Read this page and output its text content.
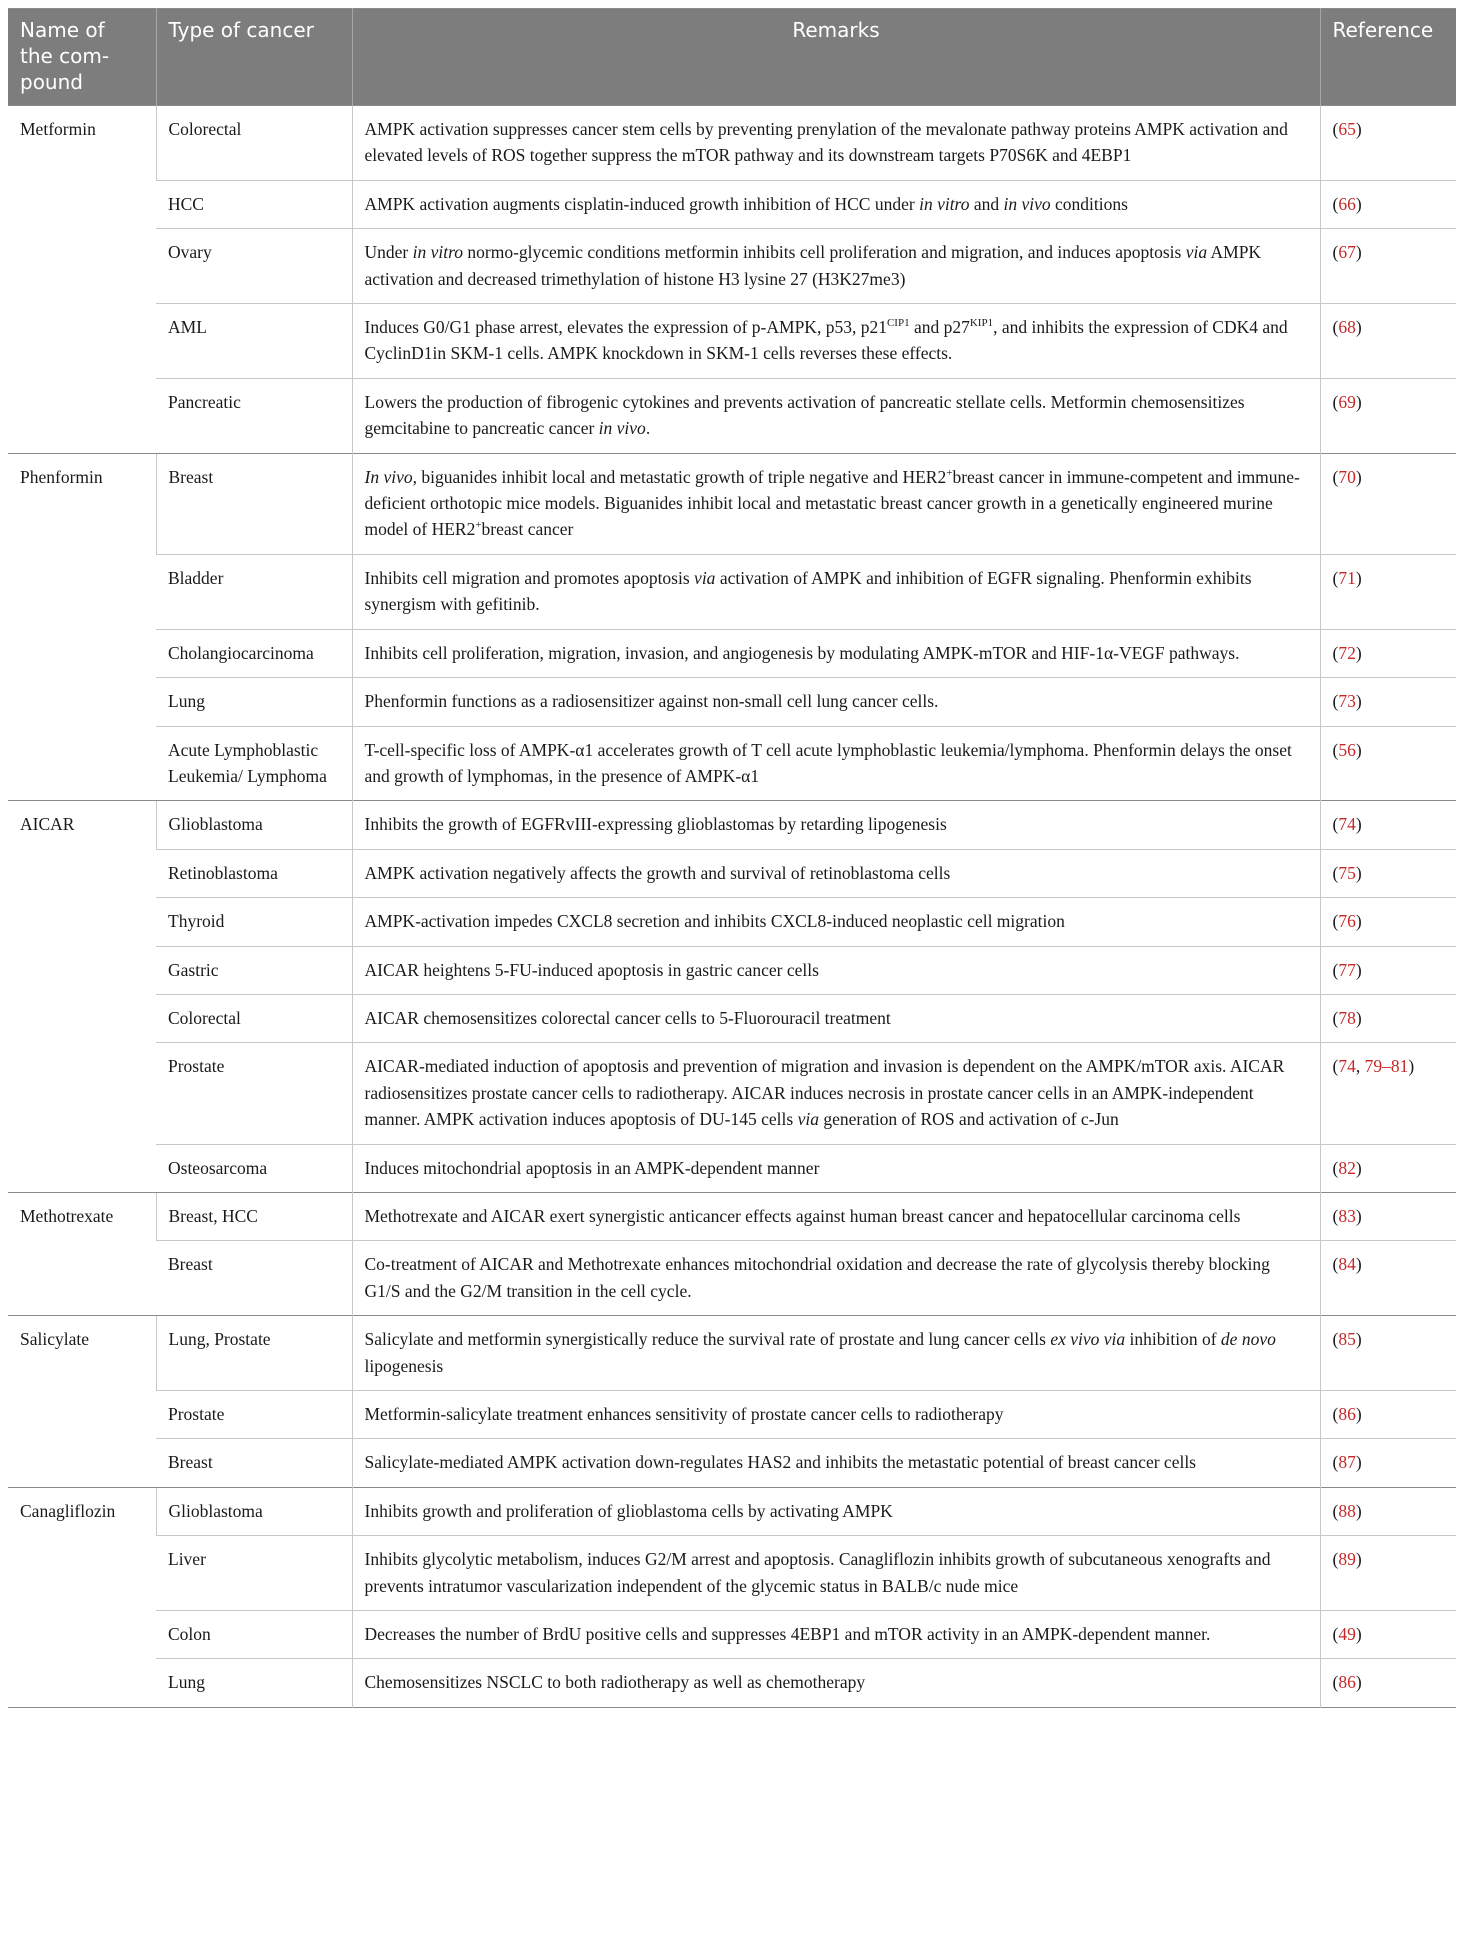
Name of the com-pound	Type of cancer	Remarks	Reference
Metformin	Colorectal	AMPK activation suppresses cancer stem cells by preventing prenylation of the mevalonate pathway proteins AMPK activation and elevated levels of ROS together suppress the mTOR pathway and its downstream targets P70S6K and 4EBP1	(65)
	HCC	AMPK activation augments cisplatin-induced growth inhibition of HCC under in vitro and in vivo conditions	(66)
	Ovary	Under in vitro normo-glycemic conditions metformin inhibits cell proliferation and migration, and induces apoptosis via AMPK activation and decreased trimethylation of histone H3 lysine 27 (H3K27me3)	(67)
	AML	Induces G0/G1 phase arrest, elevates the expression of p-AMPK, p53, $p21^{CIP1}$ and $p27^{KIP1}$, and inhibits the expression of CDK4 and CyclinD1in SKM-1 cells. AMPK knockdown in SKM-1 cells reverses these effects.	(68)
	Pancreatic	Lowers the production of fibrogenic cytokines and prevents activation of pancreatic stellate cells. Metformin chemosensitizes gemcitabine to pancreatic cancer in vivo.	(69)
Phenformin	Breast	In vivo, biguanides inhibit local and metastatic growth of triple negative and HER2+breast cancer in immune-competent and immune-deficient orthotopic mice models. Biguanides inhibit local and metastatic breast cancer growth in a genetically engineered murine model of HER2+breast cancer	(70)
	Bladder	Inhibits cell migration and promotes apoptosis via activation of AMPK and inhibition of EGFR signaling. Phenformin exhibits synergism with gefitinib.	(71)
	Cholangiocarcinoma	Inhibits cell proliferation, migration, invasion, and angiogenesis by modulating AMPK-mTOR and HIF-1α-VEGF pathways.	(72)
	Lung	Phenformin functions as a radiosensitizer against non-small cell lung cancer cells.	(73)
	Acute Lymphoblastic Leukemia/ Lymphoma	T-cell-specific loss of AMPK-α1 accelerates growth of T cell acute lymphoblastic leukemia/lymphoma. Phenformin delays the onset and growth of lymphomas, in the presence of AMPK-α1	(56)
AICAR	Glioblastoma	Inhibits the growth of EGFRvIII-expressing glioblastomas by retarding lipogenesis	(74)
	Retinoblastoma	AMPK activation negatively affects the growth and survival of retinoblastoma cells	(75)
	Thyroid	AMPK-activation impedes CXCL8 secretion and inhibits CXCL8-induced neoplastic cell migration	(76)
	Gastric	AICAR heightens 5-FU-induced apoptosis in gastric cancer cells	(77)
	Colorectal	AICAR chemosensitizes colorectal cancer cells to 5-Fluorouracil treatment	(78)
	Prostate	AICAR-mediated induction of apoptosis and prevention of migration and invasion is dependent on the AMPK/mTOR axis. AICAR radiosensitizes prostate cancer cells to radiotherapy. AICAR induces necrosis in prostate cancer cells in an AMPK-independent manner. AMPK activation induces apoptosis of DU-145 cells via generation of ROS and activation of c-Jun	(74, 79–81)
	Osteosarcoma	Induces mitochondrial apoptosis in an AMPK-dependent manner	(82)
Methotrexate	Breast, HCC	Methotrexate and AICAR exert synergistic anticancer effects against human breast cancer and hepatocellular carcinoma cells	(83)
	Breast	Co-treatment of AICAR and Methotrexate enhances mitochondrial oxidation and decrease the rate of glycolysis thereby blocking G1/S and the G2/M transition in the cell cycle.	(84)
Salicylate	Lung, Prostate	Salicylate and metformin synergistically reduce the survival rate of prostate and lung cancer cells ex vivo via inhibition of de novo lipogenesis	(85)
	Prostate	Metformin-salicylate treatment enhances sensitivity of prostate cancer cells to radiotherapy	(86)
	Breast	Salicylate-mediated AMPK activation down-regulates HAS2 and inhibits the metastatic potential of breast cancer cells	(87)
Canagliflozin	Glioblastoma	Inhibits growth and proliferation of glioblastoma cells by activating AMPK	(88)
	Liver	Inhibits glycolytic metabolism, induces G2/M arrest and apoptosis. Canagliflozin inhibits growth of subcutaneous xenografts and prevents intratumor vascularization independent of the glycemic status in BALB/c nude mice	(89)
	Colon	Decreases the number of BrdU positive cells and suppresses 4EBP1 and mTOR activity in an AMPK-dependent manner.	(49)
	Lung	Chemosensitizes NSCLC to both radiotherapy as well as chemotherapy	(86)
